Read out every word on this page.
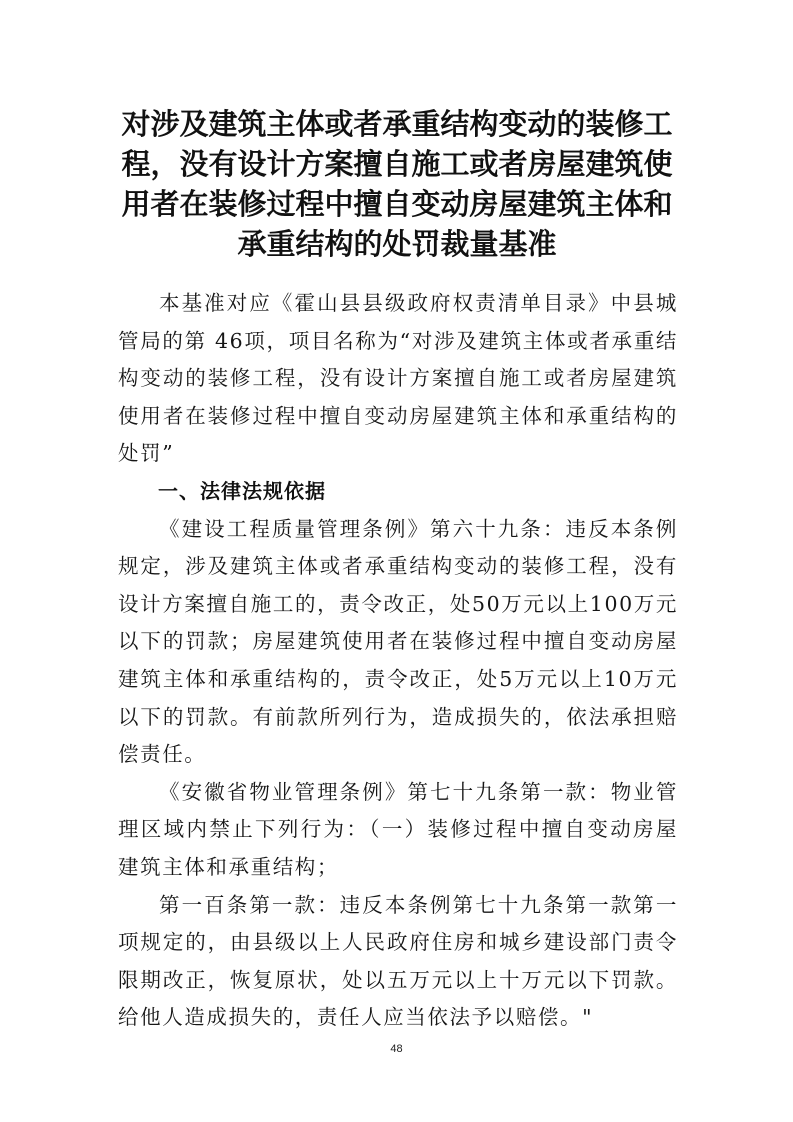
对涉及建筑主体或者承重结构变动的装修工程，没有设计方案擅自施工或者房屋建筑使用者在装修过程中擅自变动房屋建筑主体和承重结构的处罚裁量基准

本基准对应《霍山县县级政府权责清单目录》中县城管局的第 46项，项目名称为“对涉及建筑主体或者承重结构变动的装修工程，没有设计方案擅自施工或者房屋建筑使用者在装修过程中擅自变动房屋建筑主体和承重结构的处罚”

一、法律法规依据

《建设工程质量管理条例》第六十九条：违反本条例规定，涉及建筑主体或者承重结构变动的装修工程，没有设计方案擅自施工的，责令改正，处50万元以上100万元以下的罚款；房屋建筑使用者在装修过程中擅自变动房屋建筑主体和承重结构的，责令改正，处5万元以上10万元以下的罚款。有前款所列行为，造成损失的，依法承担赔偿责任。

《安徽省物业管理条例》第七十九条第一款：物业管理区域内禁止下列行为：（一）装修过程中擅自变动房屋建筑主体和承重结构；

第一百条第一款：违反本条例第七十九条第一款第一项规定的，由县级以上人民政府住房和城乡建设部门责令限期改正，恢复原状，处以五万元以上十万元以下罚款。给他人造成损失的，责任人应当依法予以赔偿。"

48
